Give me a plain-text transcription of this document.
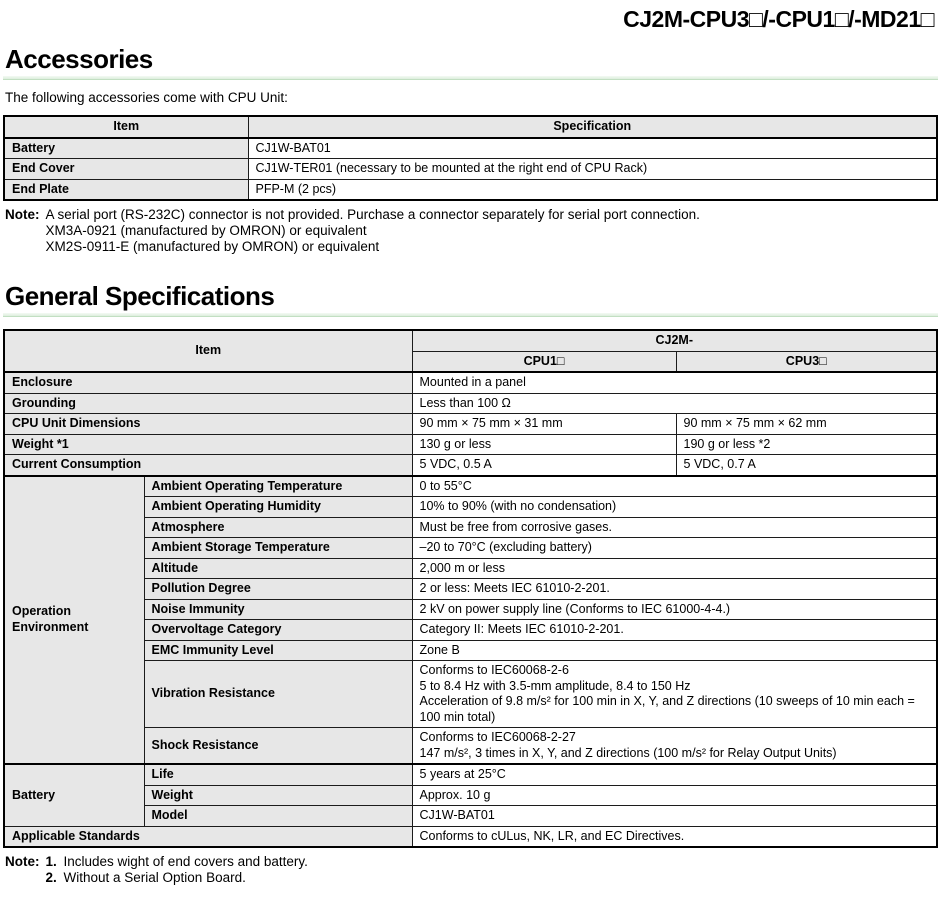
CJ2M-CPU3□/-CPU1□/-MD21□
Accessories

The following accessories come with CPU Unit:

Item	Specification
Battery	CJ1W-BAT01
End Cover	CJ1W-TER01 (necessary to be mounted at the right end of CPU Rack)
End Plate	PFP-M (2 pcs)
Note: A serial port (RS-232C) connector is not provided. Purchase a connector separately for serial port connection.
XM3A-0921 (manufactured by OMRON) or equivalent
XM2S-0911-E (manufactured by OMRON) or equivalent
General Specifications
Item		CJ2M-	
		CPU1□	CPU3□
Enclosure		Mounted in a panel	
Grounding		Less than 100 Ω	
CPU Unit Dimensions		90 mm × 75 mm × 31 mm	90 mm × 75 mm × 62 mm
Weight *1		130 g or less	190 g or less *2
Current Consumption		5 VDC, 0.5 A	5 VDC, 0.7 A
Operation Environment	Ambient Operating Temperature	0 to 55°C	
	Ambient Operating Humidity	10% to 90% (with no condensation)	
	Atmosphere	Must be free from corrosive gases.	
	Ambient Storage Temperature	–20 to 70°C (excluding battery)	
	Altitude	2,000 m or less	
	Pollution Degree	2 or less: Meets IEC 61010-2-201.	
	Noise Immunity	2 kV on power supply line (Conforms to IEC 61000-4-4.)	
	Overvoltage Category	Category II: Meets IEC 61010-2-201.	
	EMC Immunity Level	Zone B	
	Vibration Resistance	Conforms to IEC60068-2-6
5 to 8.4 Hz with 3.5-mm amplitude, 8.4 to 150 Hz
Acceleration of 9.8 m/s² for 100 min in X, Y, and Z directions (10 sweeps of 10 min each = 100 min total)	

	Shock Resistance	Conforms to IEC60068-2-27
147 m/s², 3 times in X, Y, and Z directions (100 m/s² for Relay Output Units)	

Battery	Life	5 years at 25°C	
	Weight	Approx. 10 g	
	Model	CJ1W-BAT01	
Applicable Standards		Conforms to cULus, NK, LR, and EC Directives.	
Note: 1. Includes wight of end covers and battery.
2. Without a Serial Option Board.
